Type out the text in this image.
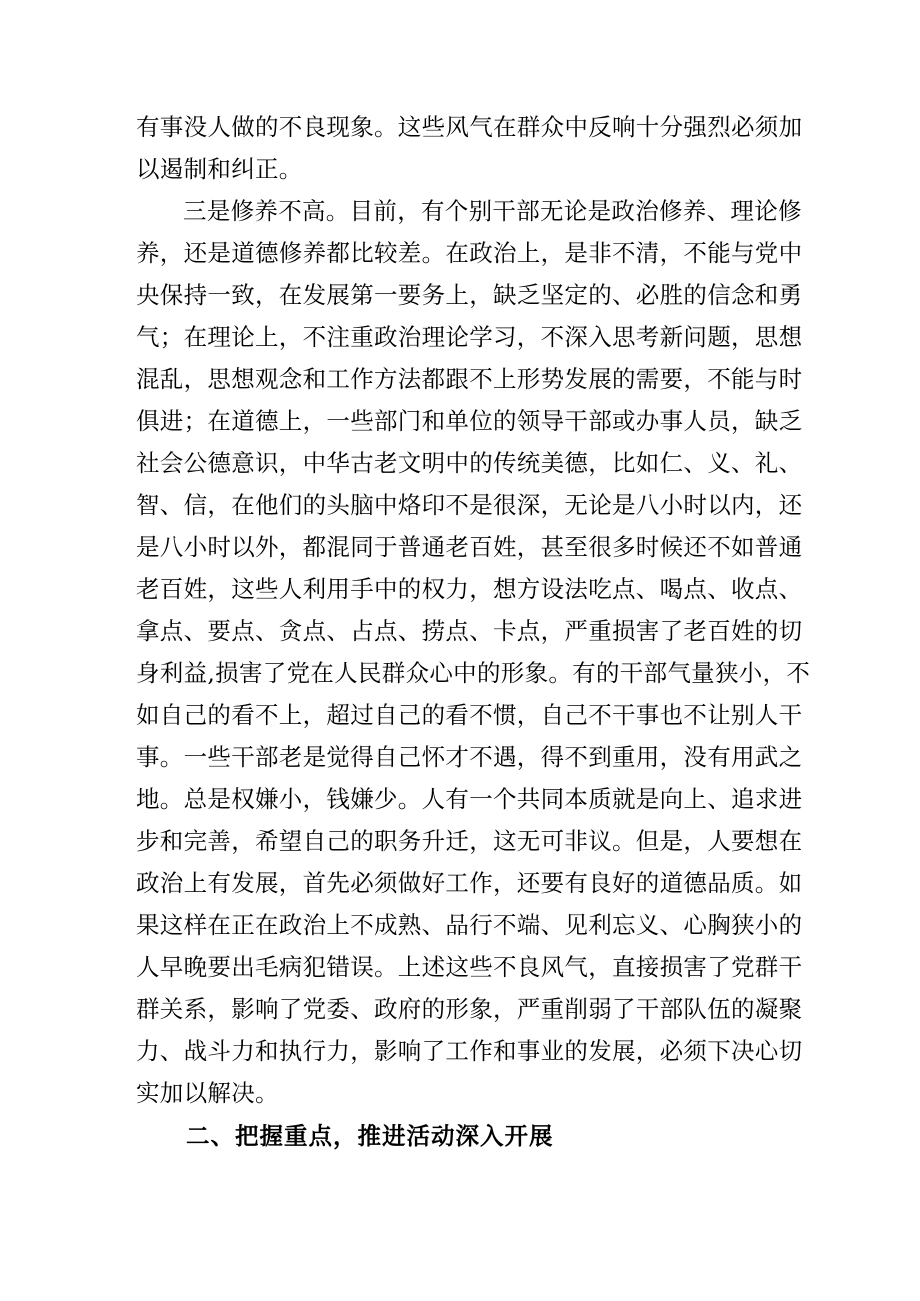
有事没人做的不良现象。这些风气在群众中反响十分强烈必须加

以遏制和纠正。

三是修养不高。目前，有个别干部无论是政治修养、理论修

养，还是道德修养都比较差。在政治上，是非不清，不能与党中

央保持一致，在发展第一要务上，缺乏坚定的、必胜的信念和勇

气；在理论上，不注重政治理论学习，不深入思考新问题，思想

混乱，思想观念和工作方法都跟不上形势发展的需要，不能与时

俱进；在道德上，一些部门和单位的领导干部或办事人员，缺乏

社会公德意识，中华古老文明中的传统美德，比如仁、义、礼、

智、信，在他们的头脑中烙印不是很深，无论是八小时以内，还

是八小时以外，都混同于普通老百姓，甚至很多时候还不如普通

老百姓，这些人利用手中的权力，想方设法吃点、喝点、收点、

拿点、要点、贪点、占点、捞点、卡点，严重损害了老百姓的切

身利益,损害了党在人民群众心中的形象。有的干部气量狭小，不

如自己的看不上，超过自己的看不惯，自己不干事也不让别人干

事。一些干部老是觉得自己怀才不遇，得不到重用，没有用武之

地。总是权嫌小，钱嫌少。人有一个共同本质就是向上、追求进

步和完善，希望自己的职务升迁，这无可非议。但是，人要想在

政治上有发展，首先必须做好工作，还要有良好的道德品质。如

果这样在正在政治上不成熟、品行不端、见利忘义、心胸狭小的

人早晚要出毛病犯错误。上述这些不良风气，直接损害了党群干

群关系，影响了党委、政府的形象，严重削弱了干部队伍的凝聚

力、战斗力和执行力，影响了工作和事业的发展，必须下决心切

实加以解决。

二、把握重点，推进活动深入开展
